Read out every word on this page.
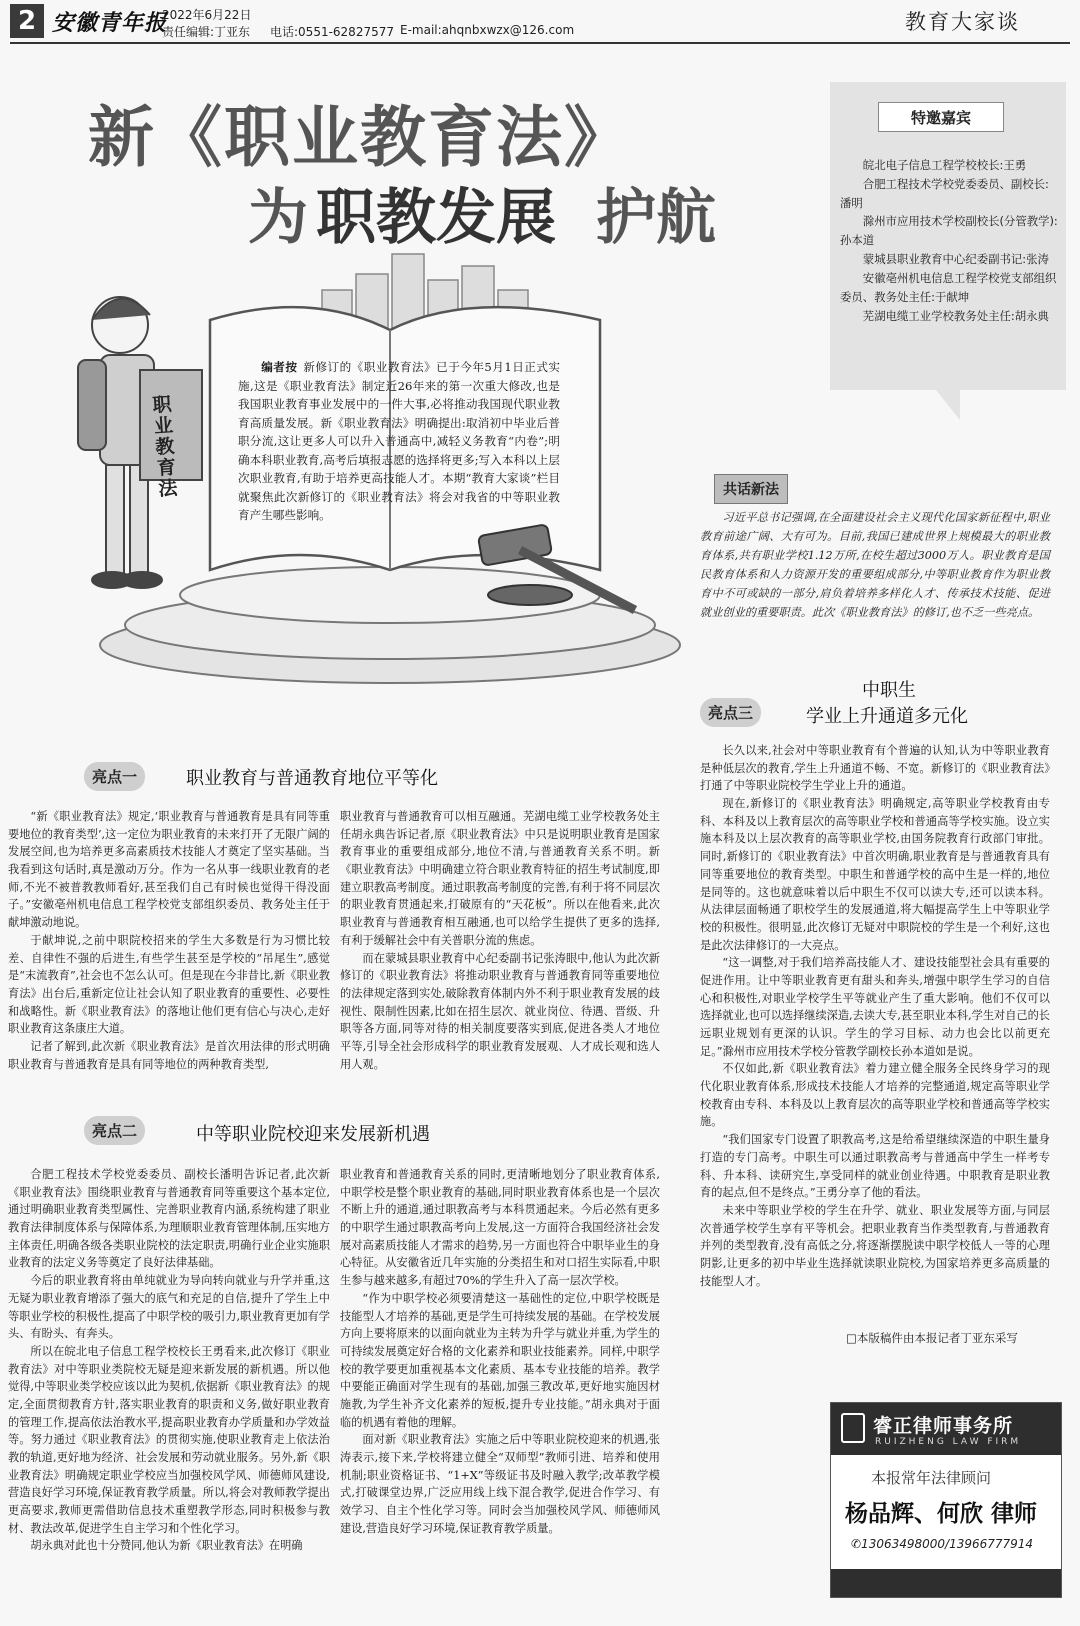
2 安徽青年报
2022年6月22日
责任编辑:丁亚东 电话:0551-62827577 E-mail:ahqnbxwzx@126.com	教育大家谈
新《职业教育法》
为 职教发展 护航
职业教育法

编者按 新修订的《职业教育法》已于今年5月1日正式实施,这是《职业教育法》制定近26年来的第一次重大修改,也是我国职业教育事业发展中的一件大事,必将推动我国现代职业教育高质量发展。新《职业教育法》明确提出:取消初中毕业后普职分流,这让更多人可以升入普通高中,减轻义务教育“内卷”;明确本科职业教育,高考后填报志愿的选择将更多;写入本科以上层次职业教育,有助于培养更高技能人才。本期“教育大家谈”栏目就聚焦此次新修订的《职业教育法》将会对我省的中等职业教育产生哪些影响。

特邀嘉宾
皖北电子信息工程学校校长:王勇
合肥工程技术学校党委委员、副校长:潘明
滁州市应用技术学校副校长(分管教学):孙本道
蒙城县职业教育中心纪委副书记:张涛
安徽亳州机电信息工程学校党支部组织委员、教务处主任:于献坤
芜湖电缆工业学校教务处主任:胡永典
共话新法

习近平总书记强调,在全面建设社会主义现代化国家新征程中,职业教育前途广阔、大有可为。目前,我国已建成世界上规模最大的职业教育体系,共有职业学校1.12万所,在校生超过3000万人。职业教育是国民教育体系和人力资源开发的重要组成部分,中等职业教育作为职业教育中不可或缺的一部分,肩负着培养多样化人才、传承技术技能、促进就业创业的重要职责。此次《职业教育法》的修订,也不乏一些亮点。

亮点三
中职生
学业上升通道多元化

长久以来,社会对中等职业教育有个普遍的认知,认为中等职业教育是种低层次的教育,学生上升通道不畅、不宽。新修订的《职业教育法》打通了中等职业院校学生学业上升的通道。

现在,新修订的《职业教育法》明确规定,高等职业学校教育由专科、本科及以上教育层次的高等职业学校和普通高等学校实施。设立实施本科及以上层次教育的高等职业学校,由国务院教育行政部门审批。同时,新修订的《职业教育法》中首次明确,职业教育是与普通教育具有同等重要地位的教育类型。中职生和普通学校的高中生是一样的,地位是同等的。这也就意味着以后中职生不仅可以读大专,还可以读本科。从法律层面畅通了职校学生的发展通道,将大幅提高学生上中等职业学校的积极性。很明显,此次修订无疑对中职院校的学生是一个利好,这也是此次法律修订的一大亮点。

“这一调整,对于我们培养高技能人才、建设技能型社会具有重要的促进作用。让中等职业教育更有甜头和奔头,增强中职学生学习的自信心和积极性,对职业学校学生平等就业产生了重大影响。他们不仅可以选择就业,也可以选择继续深造,去读大专,甚至职业本科,学生对自己的长远职业规划有更深的认识。学生的学习目标、动力也会比以前更充足。”滁州市应用技术学校分管教学副校长孙本道如是说。

不仅如此,新《职业教育法》着力建立健全服务全民终身学习的现代化职业教育体系,形成技术技能人才培养的完整通道,规定高等职业学校教育由专科、本科及以上教育层次的高等职业学校和普通高等学校实施。

“我们国家专门设置了职教高考,这是给希望继续深造的中职生量身打造的专门高考。中职生可以通过职教高考与普通高中学生一样考专科、升本科、读研究生,享受同样的就业创业待遇。中职教育是职业教育的起点,但不是终点。”王勇分享了他的看法。

未来中等职业学校的学生在升学、就业、职业发展等方面,与同层次普通学校学生享有平等机会。把职业教育当作类型教育,与普通教育并列的类型教育,没有高低之分,将逐渐摆脱读中职学校低人一等的心理阴影,让更多的初中毕业生选择就读职业院校,为国家培养更多高质量的技能型人才。

□本版稿件由本报记者丁亚东采写
亮点一	职业教育与普通教育地位平等化

“新《职业教育法》规定,‘职业教育与普通教育是具有同等重要地位的教育类型’,这一定位为职业教育的未来打开了无限广阔的发展空间,也为培养更多高素质技术技能人才奠定了坚实基础。当我看到这句话时,真是激动万分。作为一名从事一线职业教育的老师,不光不被普教教师看好,甚至我们自己有时候也觉得干得没面子。”安徽亳州机电信息工程学校党支部组织委员、教务处主任于献坤激动地说。

于献坤说,之前中职院校招来的学生大多数是行为习惯比较差、自律性不强的后进生,有些学生甚至是学校的“吊尾生”,感觉是“末流教育”,社会也不怎么认可。但是现在今非昔比,新《职业教育法》出台后,重新定位让社会认知了职业教育的重要性、必要性和战略性。新《职业教育法》的落地让他们更有信心与决心,走好职业教育这条康庄大道。

记者了解到,此次新《职业教育法》是首次用法律的形式明确职业教育与普通教育是具有同等地位的两种教育类型,

职业教育与普通教育可以相互融通。芜湖电缆工业学校教务处主任胡永典告诉记者,原《职业教育法》中只是说明职业教育是国家教育事业的重要组成部分,地位不清,与普通教育关系不明。新《职业教育法》中明确建立符合职业教育特征的招生考试制度,即建立职教高考制度。通过职教高考制度的完善,有利于将不同层次的职业教育贯通起来,打破原有的“天花板”。所以在他看来,此次职业教育与普通教育相互融通,也可以给学生提供了更多的选择,有利于缓解社会中有关普职分流的焦虑。

而在蒙城县职业教育中心纪委副书记张涛眼中,他认为此次新修订的《职业教育法》将推动职业教育与普通教育同等重要地位的法律规定落到实处,破除教育体制内外不利于职业教育发展的歧视性、限制性因素,比如在招生层次、就业岗位、待遇、晋级、升职等各方面,同等对待的相关制度要落实到底,促进各类人才地位平等,引导全社会形成科学的职业教育发展观、人才成长观和选人用人观。

亮点二	中等职业院校迎来发展新机遇

合肥工程技术学校党委委员、副校长潘明告诉记者,此次新《职业教育法》围绕职业教育与普通教育同等重要这个基本定位,通过明确职业教育类型属性、完善职业教育内涵,系统构建了职业教育法律制度体系与保障体系,为理顺职业教育管理体制,压实地方主体责任,明确各级各类职业院校的法定职责,明确行业企业实施职业教育的法定义务等奠定了良好法律基础。

今后的职业教育将由单纯就业为导向转向就业与升学并重,这无疑为职业教育增添了强大的底气和充足的自信,提升了学生上中等职业学校的积极性,提高了中职学校的吸引力,职业教育更加有学头、有盼头、有奔头。

所以在皖北电子信息工程学校校长王勇看来,此次修订《职业教育法》对中等职业类院校无疑是迎来新发展的新机遇。所以他觉得,中等职业类学校应该以此为契机,依据新《职业教育法》的规定,全面贯彻教育方针,落实职业教育的职责和义务,做好职业教育的管理工作,提高依法治教水平,提高职业教育办学质量和办学效益等。努力通过《职业教育法》的贯彻实施,使职业教育走上依法治教的轨道,更好地为经济、社会发展和劳动就业服务。另外,新《职业教育法》明确规定职业学校应当加强校风学风、师德师风建设,营造良好学习环境,保证教育教学质量。所以,将会对教师教学提出更高要求,教师更需借助信息技术重塑教学形态,同时积极参与教材、教法改革,促进学生自主学习和个性化学习。

胡永典对此也十分赞同,他认为新《职业教育法》在明确

职业教育和普通教育关系的同时,更清晰地划分了职业教育体系,中职学校是整个职业教育的基础,同时职业教育体系也是一个层次不断上升的通道,通过职教高考与本科贯通起来。今后必然有更多的中职学生通过职教高考向上发展,这一方面符合我国经济社会发展对高素质技能人才需求的趋势,另一方面也符合中职毕业生的身心特征。从安徽省近几年实施的分类招生和对口招生实际看,中职生参与越来越多,有超过70%的学生升入了高一层次学校。

“作为中职学校必须要清楚这一基础性的定位,中职学校既是技能型人才培养的基础,更是学生可持续发展的基础。在学校发展方向上要将原来的以面向就业为主转为升学与就业并重,为学生的可持续发展奠定好合格的文化素养和职业技能素养。同样,中职学校的教学要更加重视基本文化素质、基本专业技能的培养。教学中要能正确面对学生现有的基础,加强三教改革,更好地实施因材施教,为学生补齐文化素养的短板,提升专业技能。”胡永典对于面临的机遇有着他的理解。

面对新《职业教育法》实施之后中等职业院校迎来的机遇,张涛表示,接下来,学校将建立健全“双师型”教师引进、培养和使用机制;职业资格证书、“1+X”等级证书及时融入教学;改革教学模式,打破课堂边界,广泛应用线上线下混合教学,促进合作学习、有效学习、自主个性化学习等。同时会当加强校风学风、师德师风建设,营造良好学习环境,保证教育教学质量。

睿正律师事务所
RUIZHENG LAW FIRM
本报常年法律顾问
杨品辉、何欣 律师
✆13063498000/13966777914
